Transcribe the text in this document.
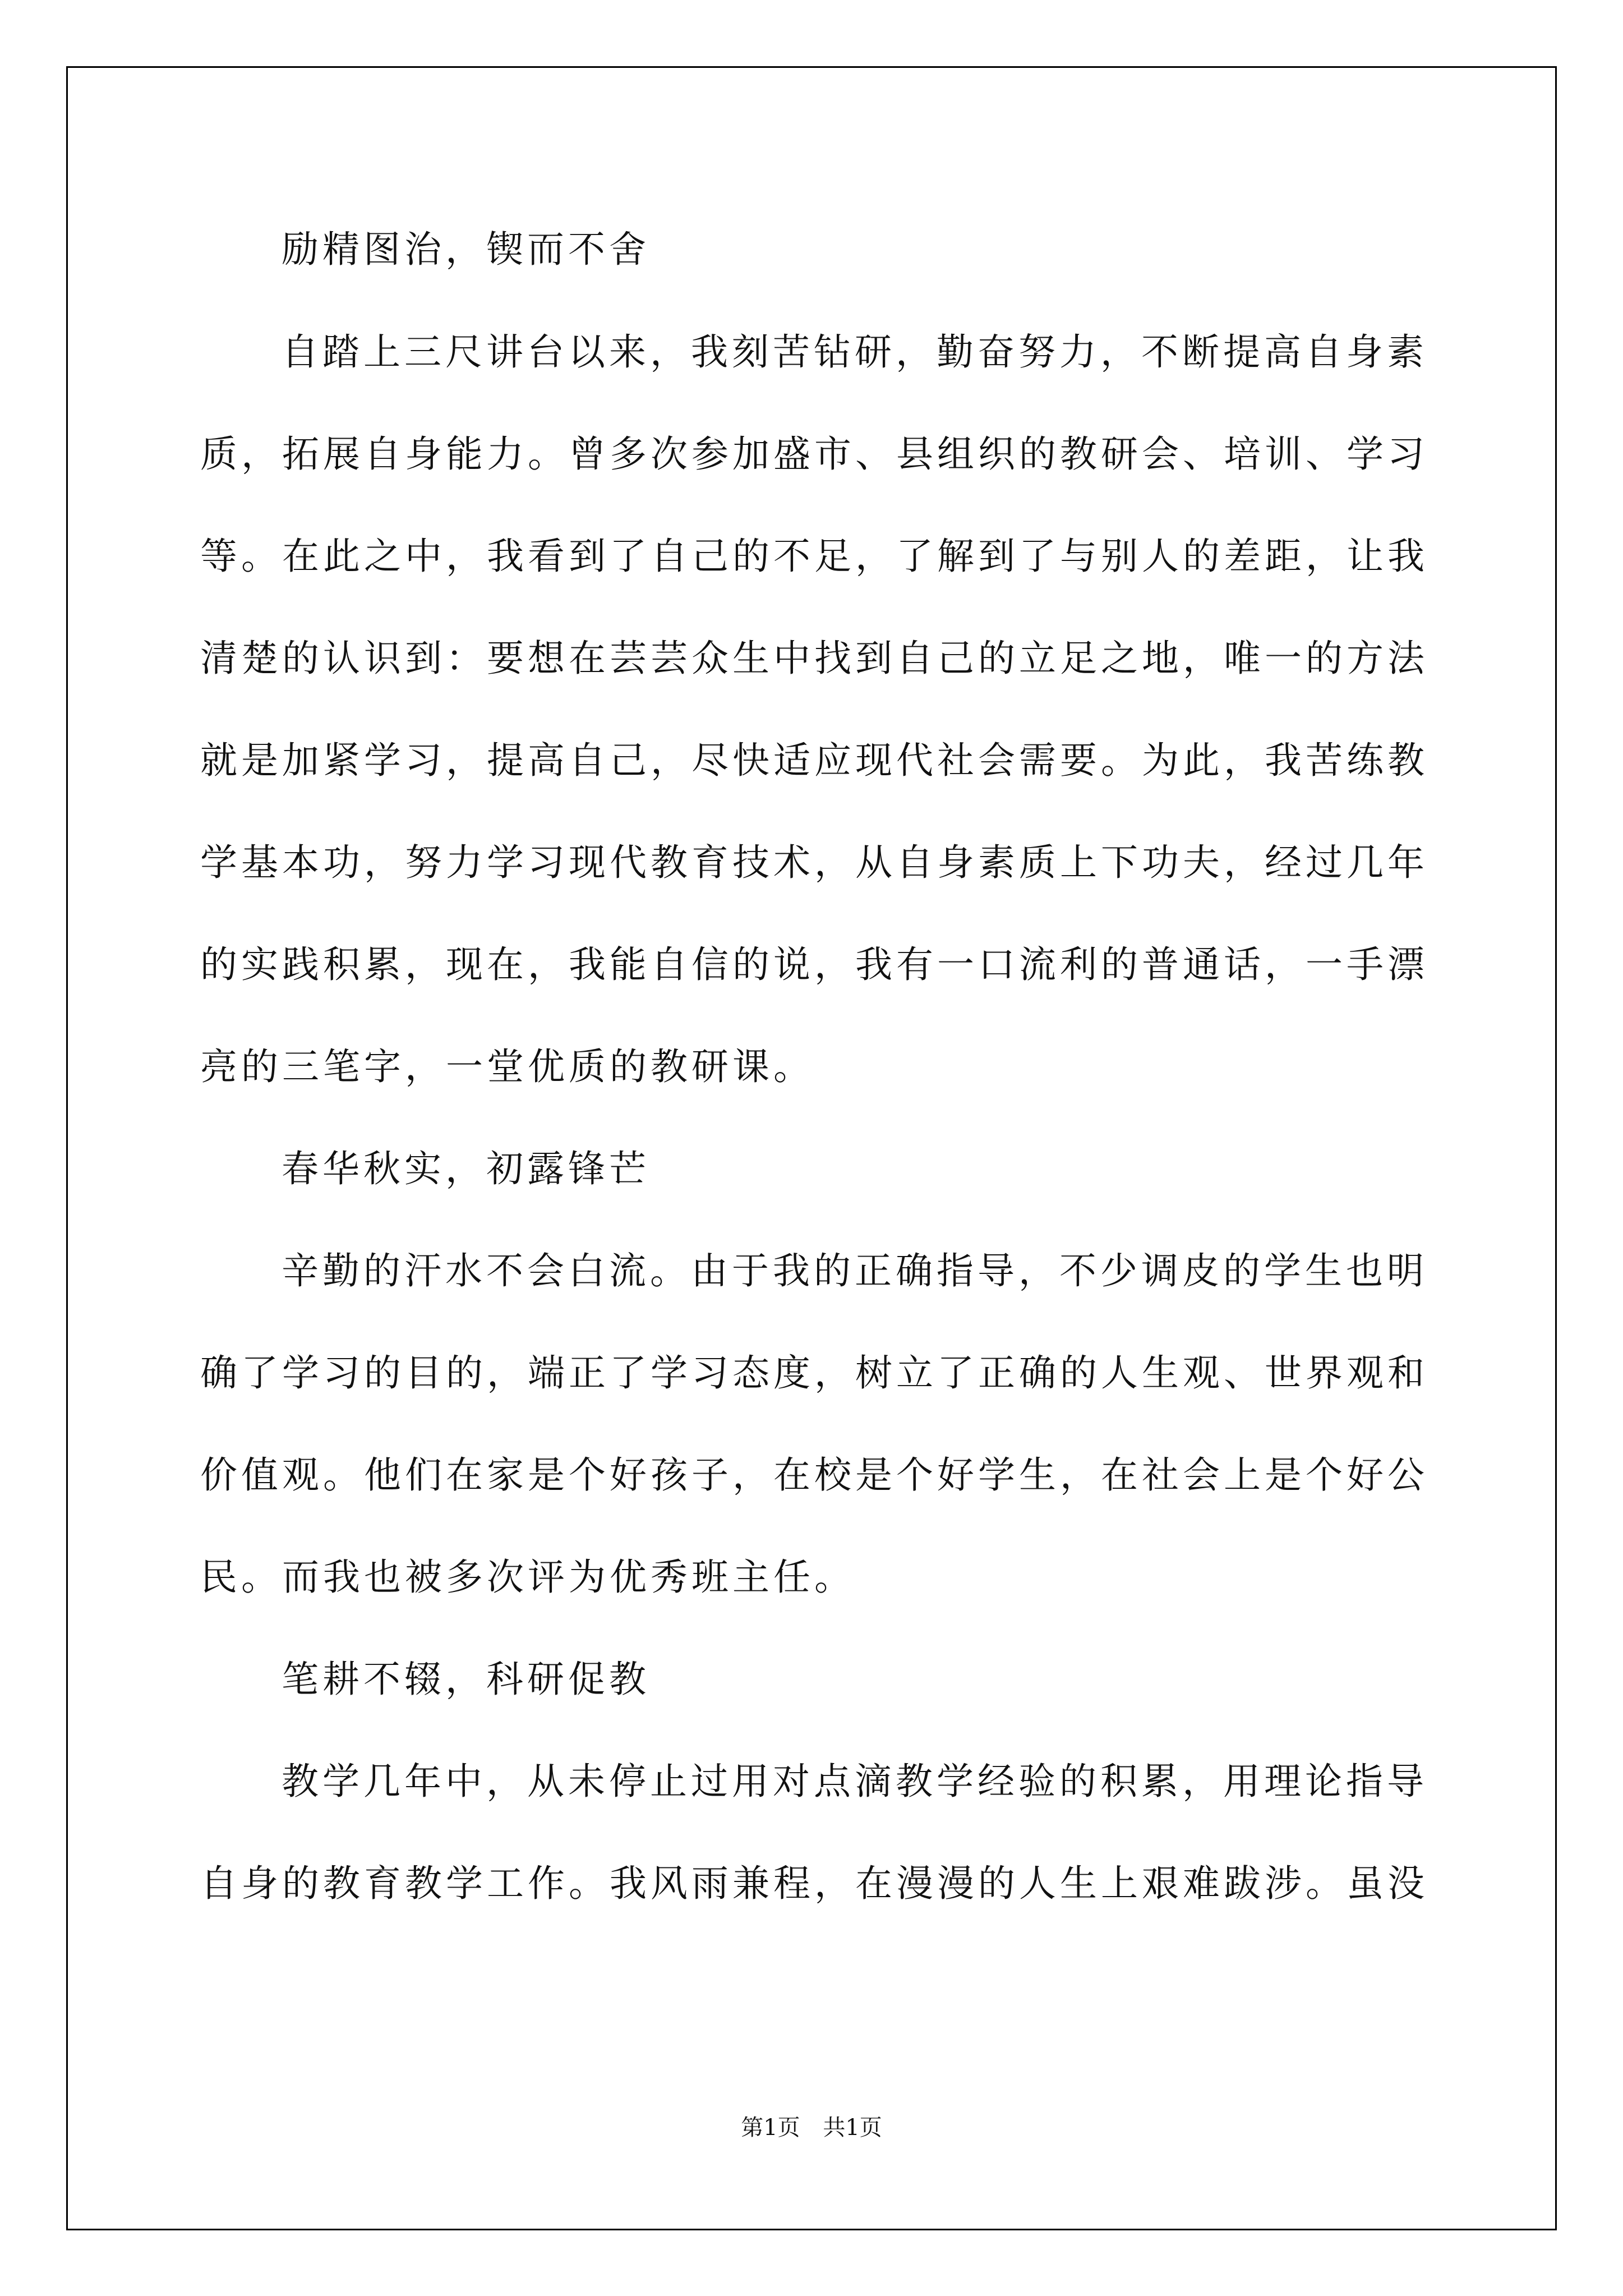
励精图治，锲而不舍
自踏上三尺讲台以来，我刻苦钻研，勤奋努力，不断提高自身素
质，拓展自身能力。曾多次参加盛市、县组织的教研会、培训、学习
等。在此之中，我看到了自己的不足，了解到了与别人的差距，让我
清楚的认识到：要想在芸芸众生中找到自己的立足之地，唯一的方法
就是加紧学习，提高自己，尽快适应现代社会需要。为此，我苦练教
学基本功，努力学习现代教育技术，从自身素质上下功夫，经过几年
的实践积累，现在，我能自信的说，我有一口流利的普通话，一手漂
亮的三笔字，一堂优质的教研课。
春华秋实，初露锋芒
辛勤的汗水不会白流。由于我的正确指导，不少调皮的学生也明
确了学习的目的，端正了学习态度，树立了正确的人生观、世界观和
价值观。他们在家是个好孩子，在校是个好学生，在社会上是个好公
民。而我也被多次评为优秀班主任。
笔耕不辍，科研促教
教学几年中，从未停止过用对点滴教学经验的积累，用理论指导
自身的教育教学工作。我风雨兼程，在漫漫的人生上艰难跋涉。虽没
第1页 共1页
